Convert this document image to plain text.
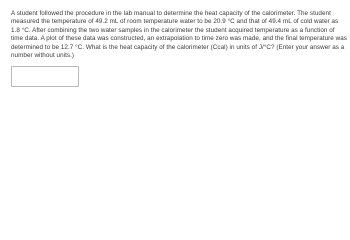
A student followed the procedure in the lab manual to determine the heat capacity of the calorimeter. The student measured the temperature of 49.2 mL of room temperature water to be 20.9 °C and that of 49.4 mL of cold water as 1.8 °C. After combining the two water samples in the calorimeter the student acquired temperature as a function of time data. A plot of these data was constructed, an extrapolation to time zero was made, and the final temperature was determined to be 12.7 °C. What is the heat capacity of the calorimeter (Ccal) in units of J/°C? (Enter your answer as a number without units.)
